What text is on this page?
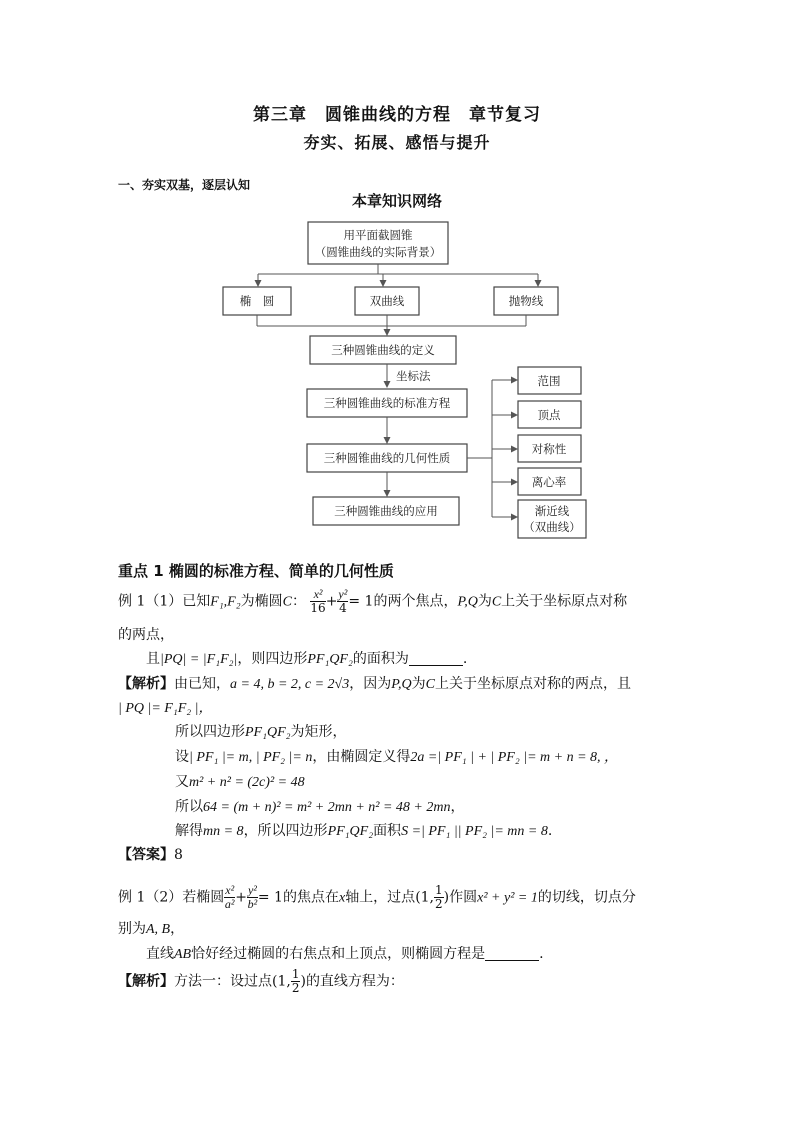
第三章　圆锥曲线的方程　章节复习
夯实、拓展、感悟与提升
一、夯实双基，逐层认知
本章知识网络
用平面截圆锥
（圆锥曲线的实际背景）
椭　圆	双曲线	抛物线
三种圆锥曲线的定义
坐标法
三种圆锥曲线的标准方程
三种圆锥曲线的几何性质
三种圆锥曲线的应用
范围
顶点
对称性
离心率
渐近线
（双曲线）
重点 1 椭圆的标准方程、简单的几何性质
例 1（1）已知F₁,F₂为椭圆C： $\frac{\text{x²}}{16} + \frac{\text{y²}}{4} = 1$的两个焦点，P,Q为C上关于坐标原点对称
的两点，
且|PQ| = |F₁F₂|，则四边形PF₁QF₂的面积为	.
【解析】由已知，a = 4, b = 2, c = 2√3，因为P,Q为C上关于坐标原点对称的两点，且
| PQ |= F₁F₂ |，
所以四边形PF₁QF₂为矩形，
设| PF₁ |= m, | PF₂ |= n，由椭圆定义得2a =| PF₁ | + | PF₂ |= m + n = 8, ，
又m² + n² = (2c)² = 48
所以64 = (m + n)² = m² + 2mn + n² = 48 + 2mn，
解得mn = 8，所以四边形PF₁QF₂面积S =| PF₁ || PF₂ |= mn = 8.
【答案】8
例 1（2）若椭圆 $\frac{\text{x²}}{\text{a²}} + \frac{\text{y²}}{\text{b²}} = 1$的焦点在x轴上，过点(1, $\frac{1}{2}$ )作圆x² + y² = 1的切线，切点分
别为A, B，
直线AB恰好经过椭圆的右焦点和上顶点，则椭圆方程是	.
【解析】方法一：设过点(1, $\frac{1}{2}$ )的直线方程为：
